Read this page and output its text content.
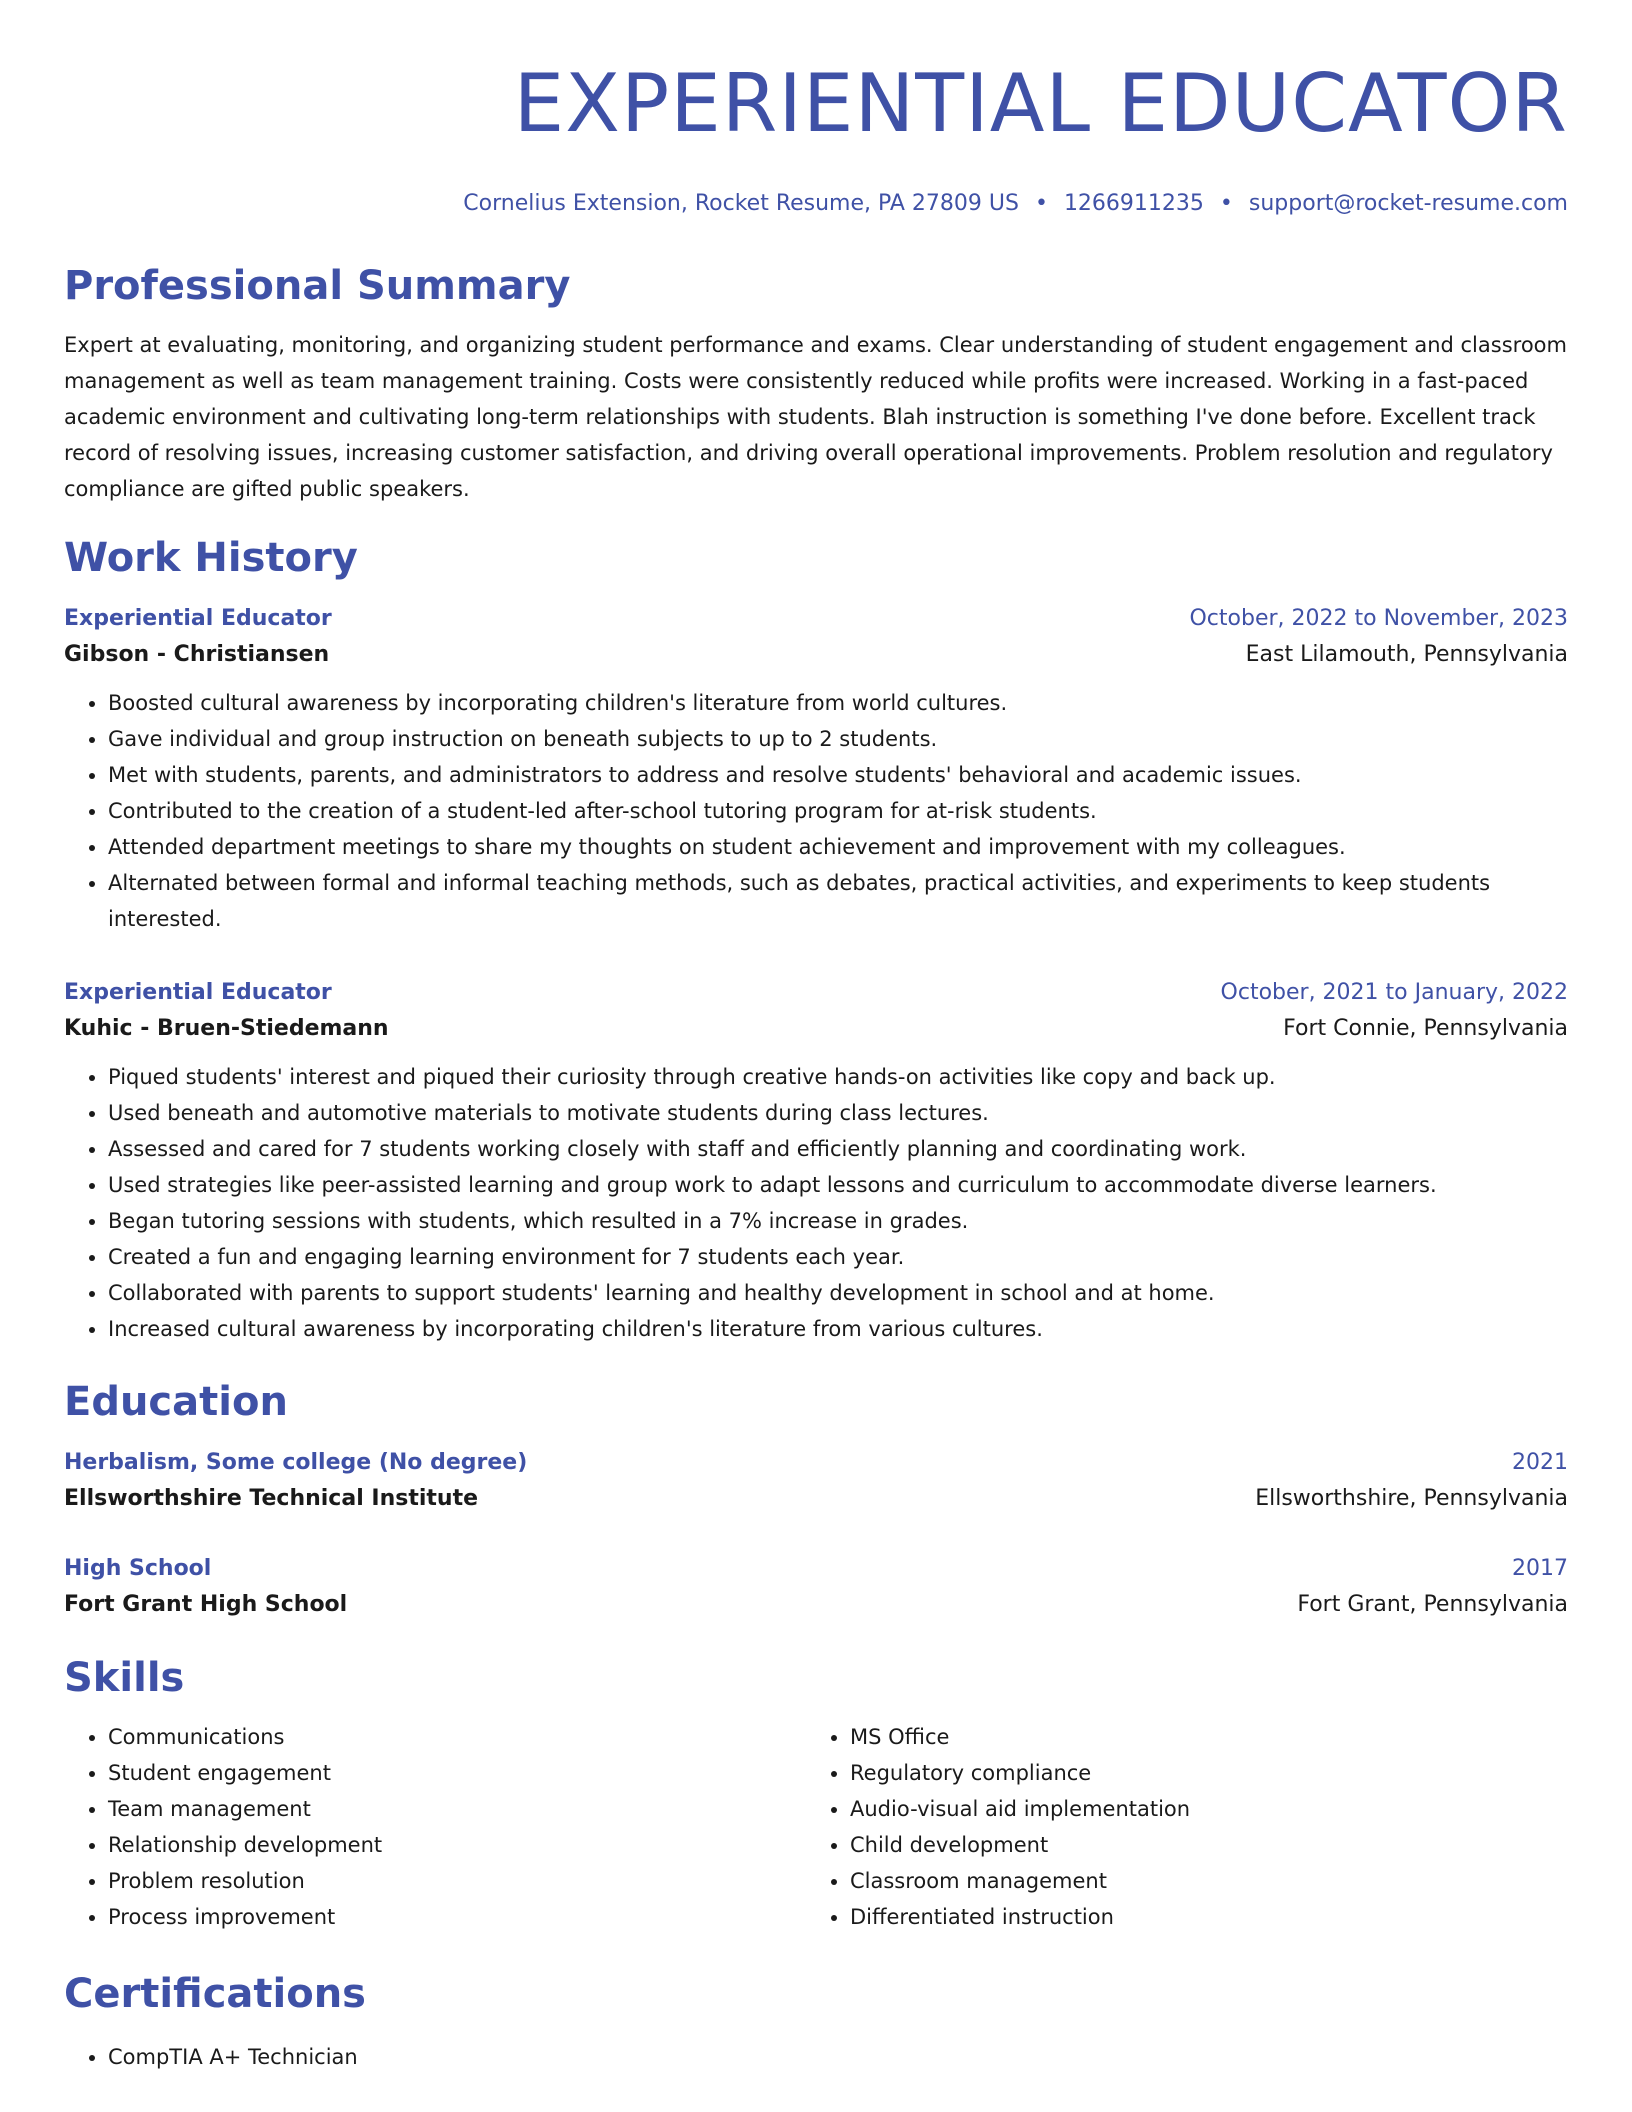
EXPERIENTIAL EDUCATOR
Cornelius Extension, Rocket Resume, PA 27809 US • 1266911235 • support@rocket-resume.com
Professional Summary
Expert at evaluating, monitoring, and organizing student performance and exams. Clear understanding of student engagement and classroom management as well as team management training. Costs were consistently reduced while profits were increased. Working in a fast-paced academic environment and cultivating long-term relationships with students. Blah instruction is something I've done before. Excellent track record of resolving issues, increasing customer satisfaction, and driving overall operational improvements. Problem resolution and regulatory compliance are gifted public speakers.
Work History
Experiential Educator	October, 2022 to November, 2023
Gibson - Christiansen	East Lilamouth, Pennsylvania
• Boosted cultural awareness by incorporating children's literature from world cultures.
• Gave individual and group instruction on beneath subjects to up to 2 students.
• Met with students, parents, and administrators to address and resolve students' behavioral and academic issues.
• Contributed to the creation of a student-led after-school tutoring program for at-risk students.
• Attended department meetings to share my thoughts on student achievement and improvement with my colleagues.
• Alternated between formal and informal teaching methods, such as debates, practical activities, and experiments to keep students interested.
Experiential Educator	October, 2021 to January, 2022
Kuhic - Bruen-Stiedemann	Fort Connie, Pennsylvania
• Piqued students' interest and piqued their curiosity through creative hands-on activities like copy and back up.
• Used beneath and automotive materials to motivate students during class lectures.
• Assessed and cared for 7 students working closely with staff and efficiently planning and coordinating work.
• Used strategies like peer-assisted learning and group work to adapt lessons and curriculum to accommodate diverse learners.
• Began tutoring sessions with students, which resulted in a 7% increase in grades.
• Created a fun and engaging learning environment for 7 students each year.
• Collaborated with parents to support students' learning and healthy development in school and at home.
• Increased cultural awareness by incorporating children's literature from various cultures.
Education
Herbalism, Some college (No degree)	2021
Ellsworthshire Technical Institute	Ellsworthshire, Pennsylvania
High School	2017
Fort Grant High School	Fort Grant, Pennsylvania
Skills
• Communications
• Student engagement
• Team management
• Relationship development
• Problem resolution
• Process improvement
• MS Office
• Regulatory compliance
• Audio-visual aid implementation
• Child development
• Classroom management
• Differentiated instruction
Certifications
• CompTIA A+ Technician
